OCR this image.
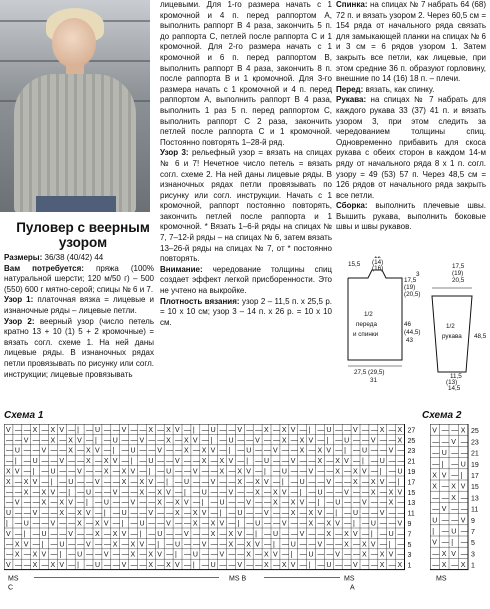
Пуловер с веерным
узором

Размеры: 36/38 (40/42) 44

Вам потребуется: пряжа (100% натуральной шерсти; 120 м/50 г) – 500 (550) 600 г мятно-серой; спицы № 6 и 7.

Узор 1: платочная вязка = лицевые и изнаночные ряды – лицевые петли.

Узор 2: веерный узор (число петель кратно 13 + 10 (1) 5 + 2 кромочные) = вязать согл. схеме 1. На ней даны лицевые ряды. В изнаночных рядах петли провязывать по рисунку или согл. инструкции; лицевые провязывать

лицевыми. Для 1-го размера начать с 1 кромочной и 4 п. перед раппортом А, выполнить раппорт В 4 раза, закончить 5 п. до раппорта С, петлей после раппорта С и 1 кромочной. Для 2-го размера начать с 1 кромочной и 6 п. перед раппортом В, выполнить раппорт В 4 раза, закончить 8 п. после раппорта В и 1 кромочной. Для 3-го размера начать с 1 кромочной и 4 п. перед раппортом А, выполнить раппорт В 4 раза, выполнить 1 раз 5 п. перед раппортом С, выполнить раппорт С 2 раза, закончить петлей после раппорта С и 1 кромочной. Постоянно повторять 1–28-й ряд.

Узор 3: рельефный узор = вязать на спицах № 6 и 7! Нечетное число петель = вязать согл. схеме 2. На ней даны лицевые ряды. В изнаночных рядах петли провязывать по рисунку или согл. инструкции. Начать с 1 кромочной, раппорт постоянно повторять, закончить петлей после раппорта и 1 кромочной. * Вязать 1–6-й ряды на спицах № 7, 7–12-й ряды – на спицах № 6, затем вязать 13–26-й ряды на спицах № 7, от * постоянно повторять.

Внимание: чередование толщины спиц создает эффект легкой присборенности. Это не учтено на выкройке.

Плотность вязания: узор 2 – 11,5 п. х 25,5 р. = 10 х 10 см; узор 3 – 14 п. х 26 р. = 10 х 10 см.

Спинка: на спицах № 7 набрать 64 (68) 72 п. и вязать узором 2. Через 60,5 см = 154 ряда от начального ряда связать для замыкающей планки на спицах № 6 и 3 см = 6 рядов узором 1. Затем закрыть все петли, как лицевые, при этом средние 36 п. образуют горловину, внешние по 14 (16) 18 п. – плечи.

Перед: вязать, как спинку.

Рукава: на спицах № 7 набрать для каждого рукава 33 (37) 41 п. и вязать узором 3, при этом следить за чередованием толщины спиц. Одновременно прибавить для скоса рукава с обеих сторон в каждом 14-м ряду от начального ряда 8 х 1 п. согл. узору = 49 (53) 57 п. Через 48,5 см = 126 рядов от начального ряда закрыть все петли.

Сборка: выполнить плечевые швы. Вышить рукава, выполнить боковые швы и швы рукавов.

1/2
переда
и спинки
15,5
12
(14)
(16)
17,5
(19)
(20,5)
3
46
(44,5)
43
27,5 (29,5)
31
1/2
рукава
17,5
(19)
20,5
48,5
11,5
(13)
14,5
Схема 1	Схема 2
V — — X — X V — | — U — — V — — X — X V — | — U — — V — — X — X V — | — U — — V — — X — X 27
— — V — — X — X V — | — U — — V — — X — X V — | — U — — V — — X — X V — | — U — — V — — X 25
— U — — V — — X — X V — | — U — — V — — X — X V — | — U — — V — — X — X V — | — U — — V — 23
— | — U — — V — — X — X V — | — U — — V — — X — X V — | — U — — V — — X — X V — | — U — — 21
X V — | — U — — V — — X — X V — | — U — — V — — X — X V — | — U — — V — — X — X V — | — U 19
X — X V — | — U — — V — — X — X V — | — U — — V — — X — X V — | — U — — V — — X — X V — | 17
— — X — X V — | — U — — V — — X — X V — | — U — — V — — X — X V — | — U — — V — — X — X V 15
— V — — X — X V — | — U — — V — — X — X V — | — U — — V — — X — X V — | — U — — V — — X — 13
U — — V — — X — X V — | — U — — V — — X — X V — | — U — — V — — X — X V — | — U — — V — — 11
| — U — — V — — X — X V — | — U — — V — — X — X V — | — U — — V — — X — X V — | — U — — V 9
V — | — U — — V — — X — X V — | — U — — V — — X — X V — | — U — — V — — X — X V — | — U — 7
— X V — | — U — — V — — X — X V — | — U — — V — — X — X V — | — U — — V — — X — X V — | — 5
— X — X V — | — U — — V — — X — X V — | — U — — V — — X — X V — | — U — — V — — X — X V — 3
V — — X — X V — | — U — — V — — X — X V — | — U — — V — — X — X V — | — U — — V — — X — X 1
MS
C
MS B	MS
A
V — — X 25
— — V — 23
— U — — 21
— | — U 19
X V — | 17
X — X V 15
— — X — 13
— V — — 11
U — — V 9
| — U — 7
V — | — 5
— X V — 3
— X — X 1
MS
